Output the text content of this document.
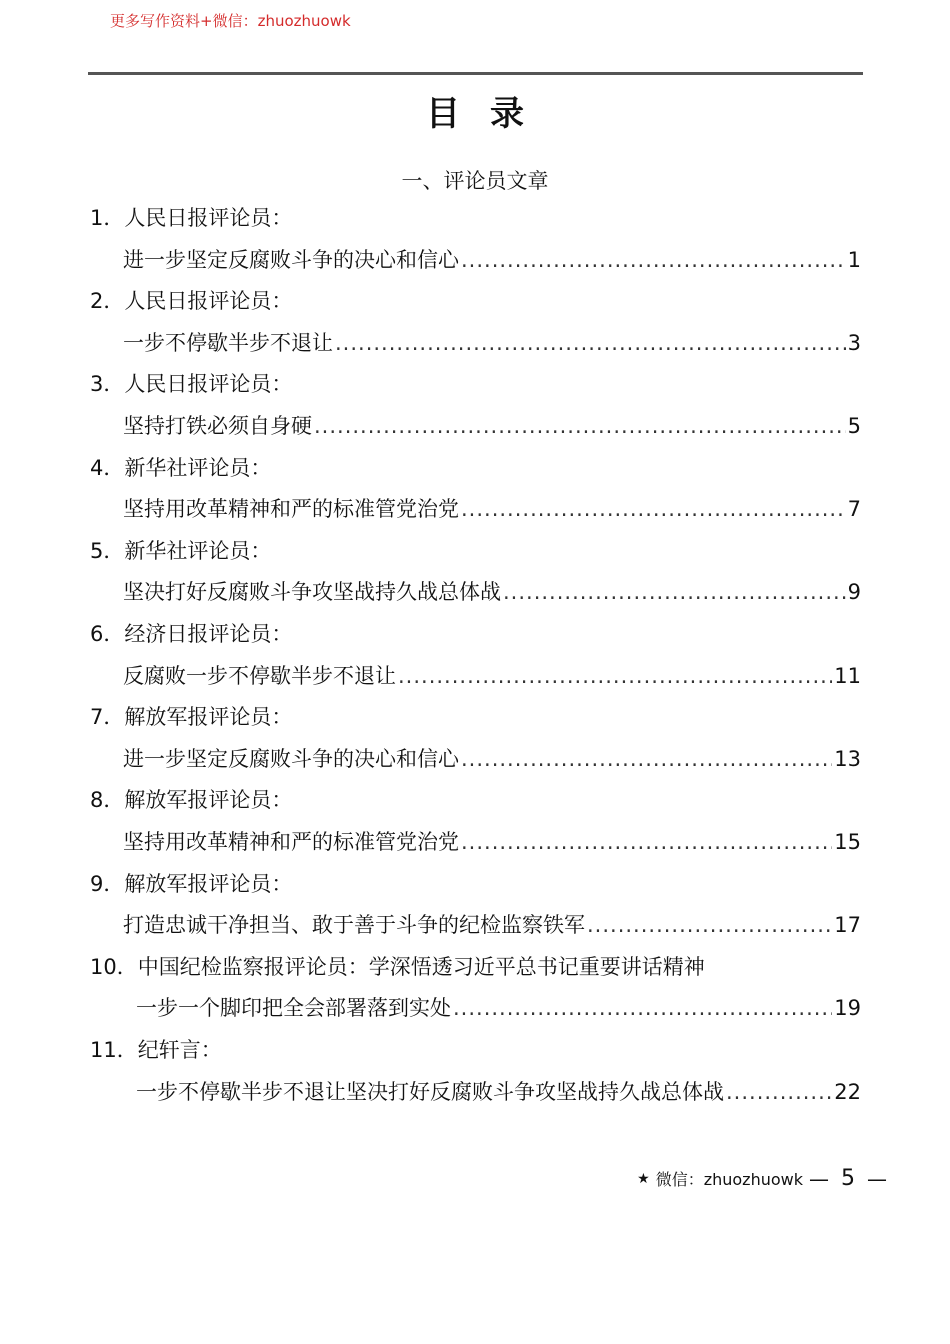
更多写作资料+微信：zhuozhuowk
目录
一、评论员文章
1．人民日报评论员：
进一步坚定反腐败斗争的决心和信心 .....	1
2．人民日报评论员：
一步不停歇半步不退让 .....	3
3．人民日报评论员：
坚持打铁必须自身硬 .....	5
4．新华社评论员：
坚持用改革精神和严的标准管党治党 .....	7
5．新华社评论员：
坚决打好反腐败斗争攻坚战持久战总体战 .....	9
6．经济日报评论员：
反腐败一步不停歇半步不退让 .....	11
7．解放军报评论员：
进一步坚定反腐败斗争的决心和信心 .....	13
8．解放军报评论员：
坚持用改革精神和严的标准管党治党 .....	15
9．解放军报评论员：
打造忠诚干净担当、敢于善于斗争的纪检监察铁军 .....	17
10．中国纪检监察报评论员：学深悟透习近平总书记重要讲话精神
一步一个脚印把全会部署落到实处 .....	19
11．纪轩言：
一步不停歇半步不退让坚决打好反腐败斗争攻坚战持久战总体战 .....	22
★ 微信：zhuozhuowk — 5 —
